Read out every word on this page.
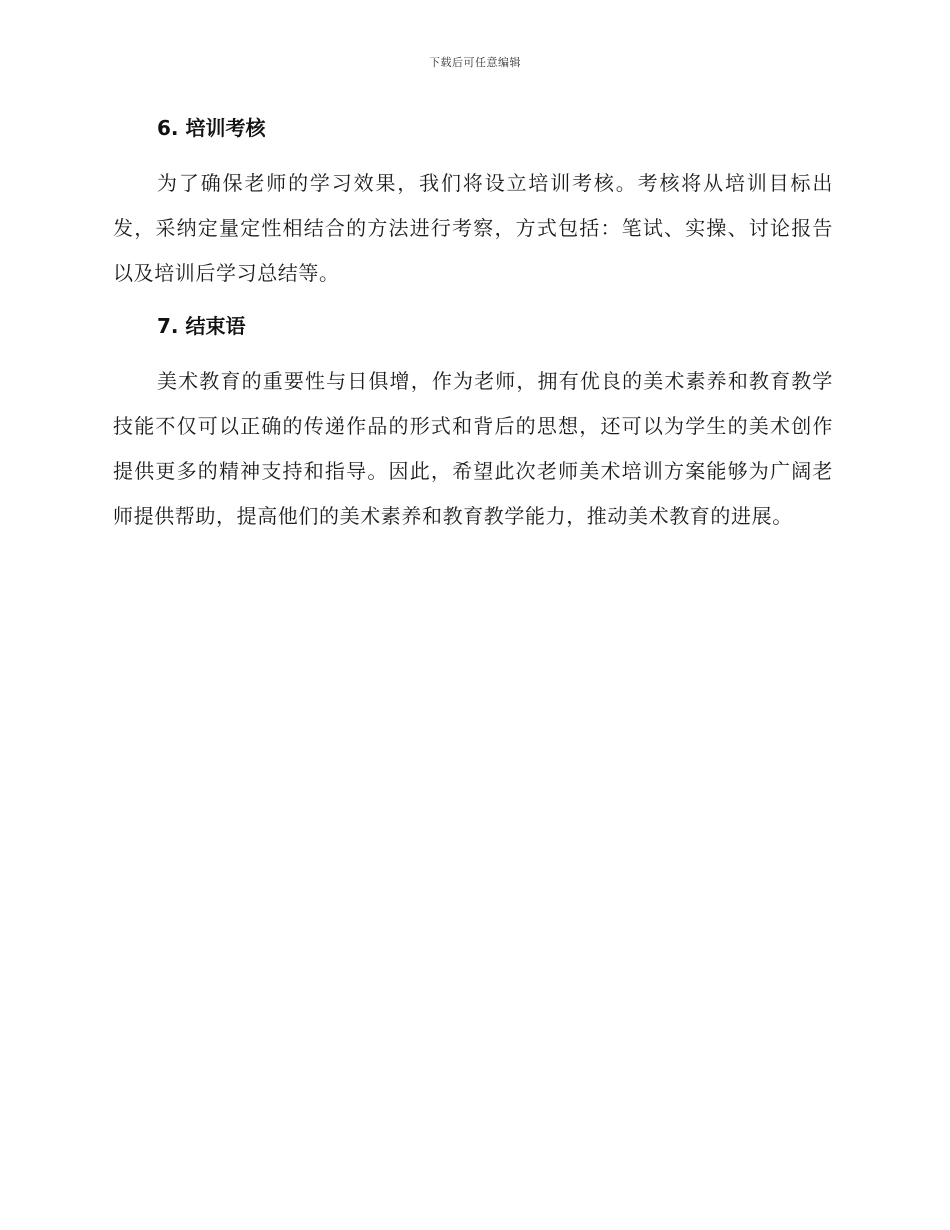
下载后可任意编辑
6. 培训考核

为了确保老师的学习效果，我们将设立培训考核。考核将从培训目标出发，采纳定量定性相结合的方法进行考察，方式包括：笔试、实操、讨论报告以及培训后学习总结等。

7. 结束语

美术教育的重要性与日俱增，作为老师，拥有优良的美术素养和教育教学技能不仅可以正确的传递作品的形式和背后的思想，还可以为学生的美术创作提供更多的精神支持和指导。因此，希望此次老师美术培训方案能够为广阔老师提供帮助，提高他们的美术素养和教育教学能力，推动美术教育的进展。
